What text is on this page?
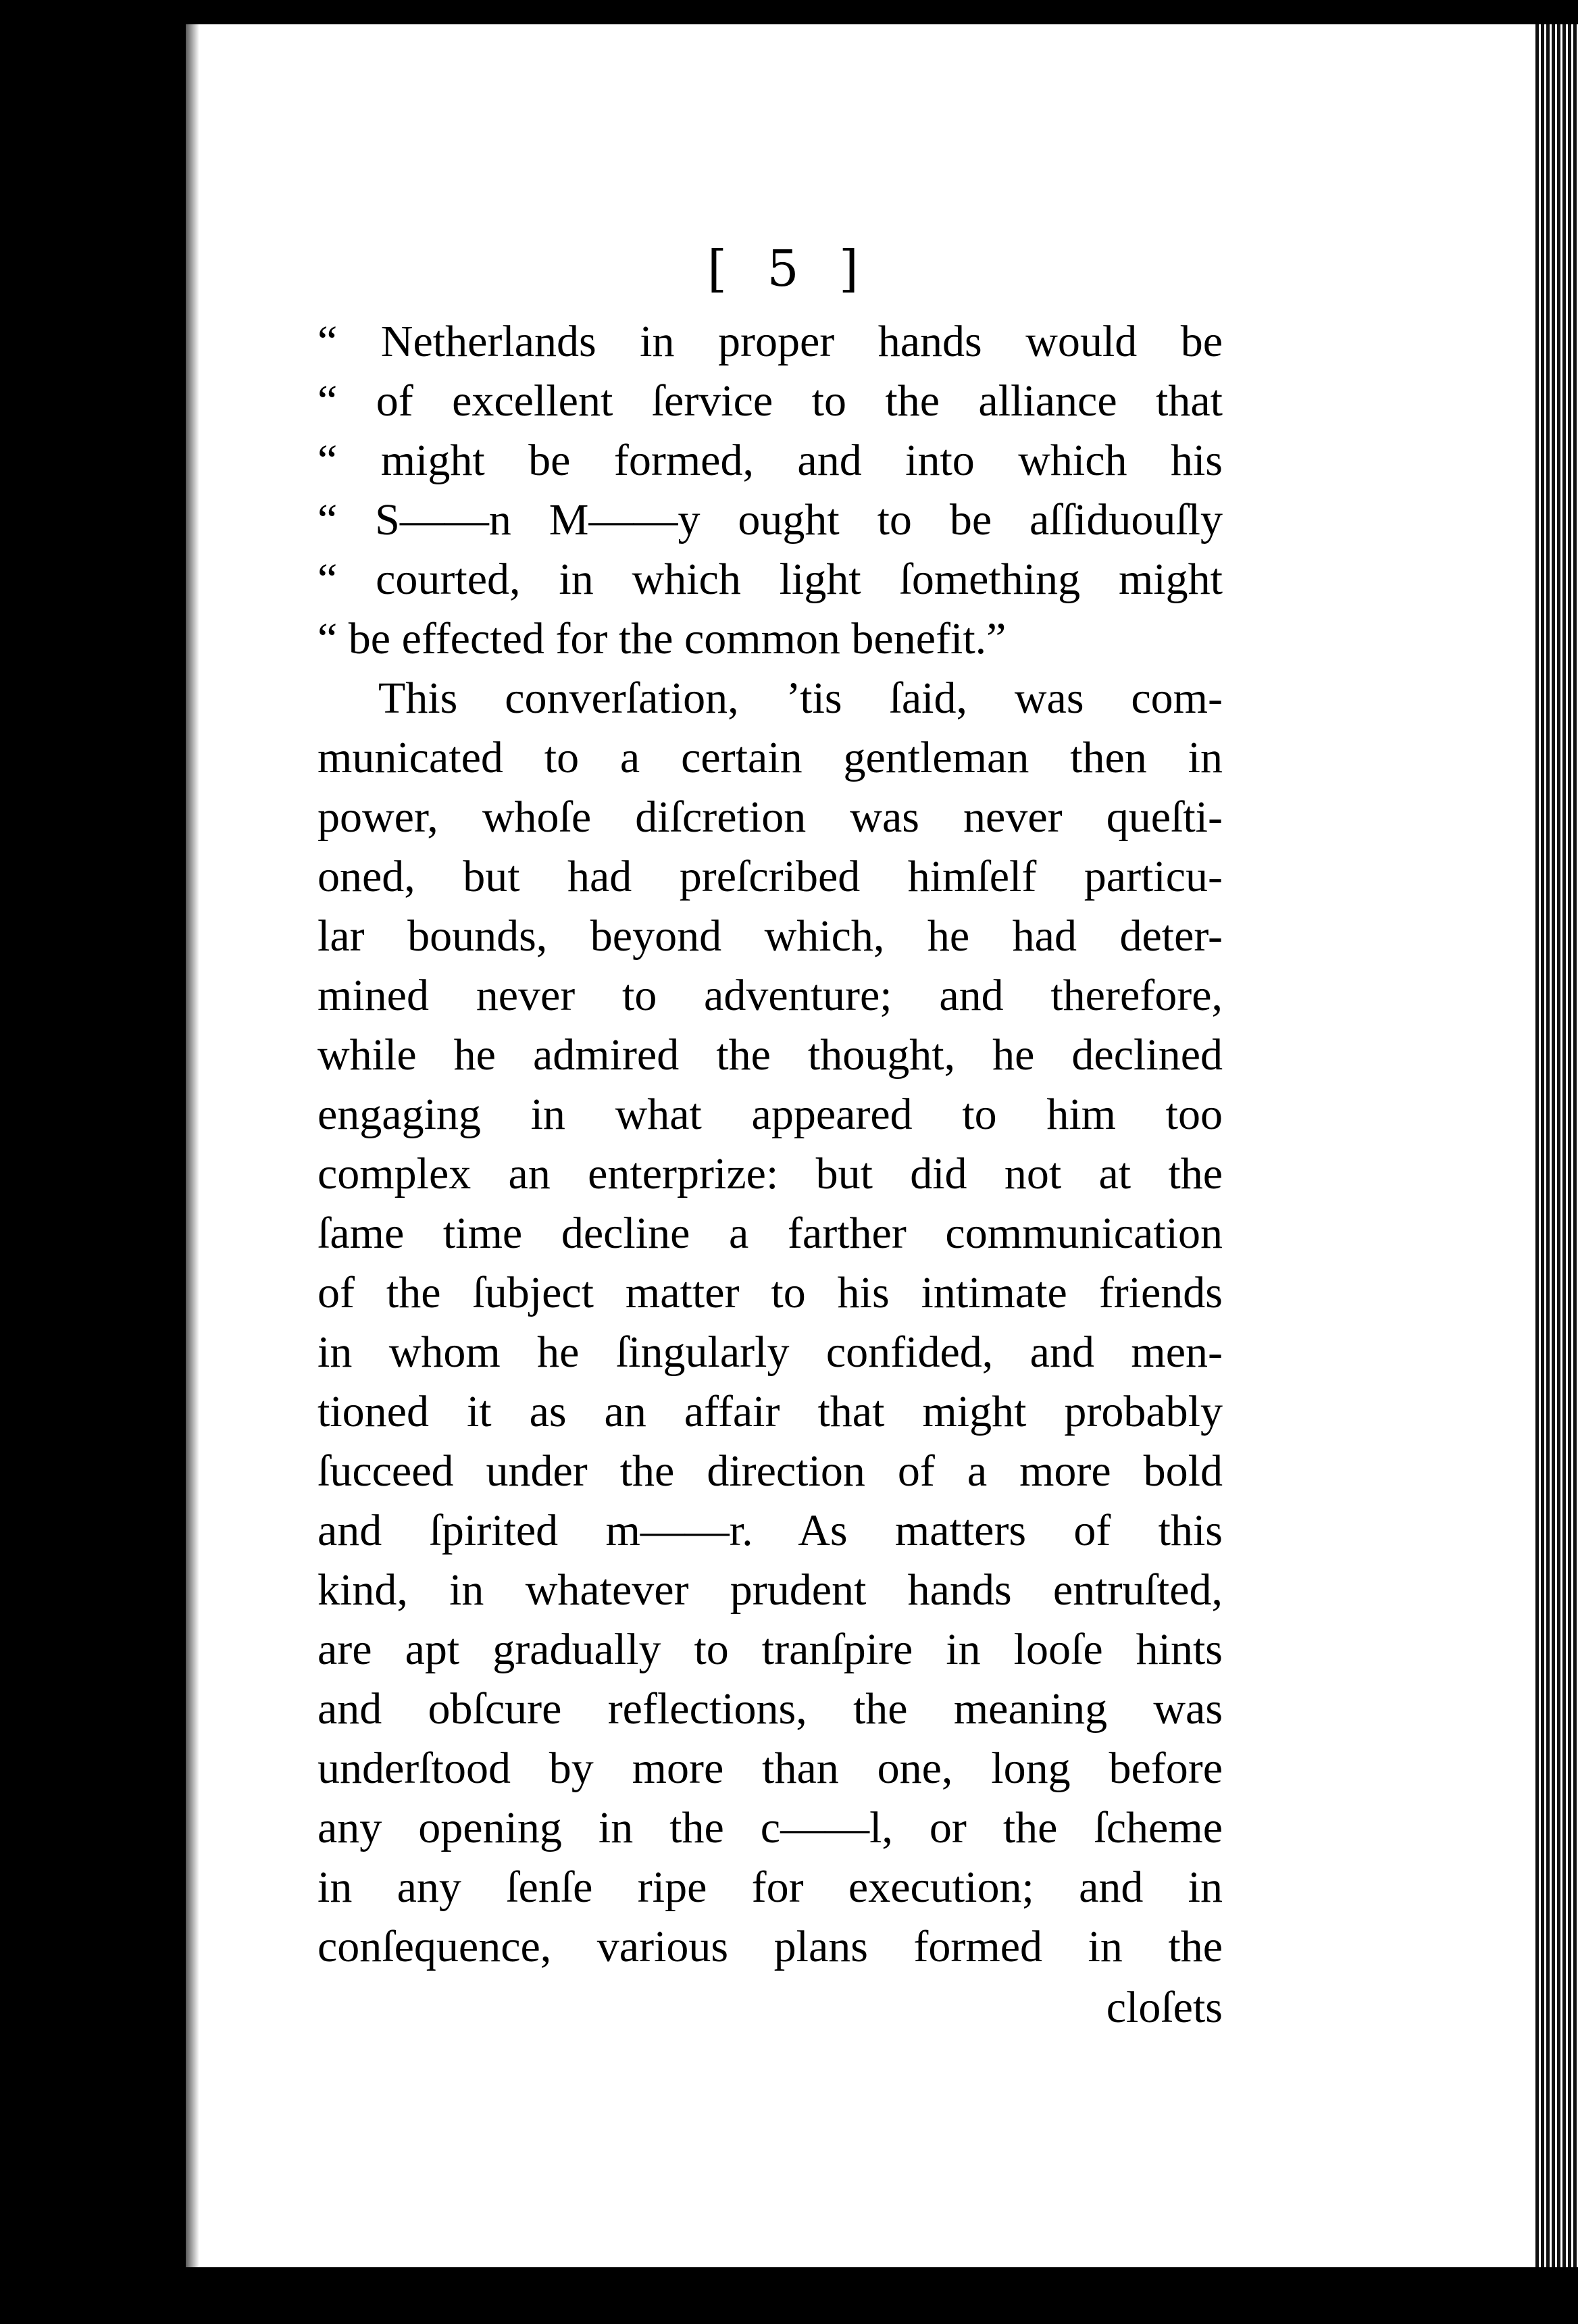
[ 5 ]
“ Netherlands in proper hands would be
“ of excellent ſervice to the alliance that
“ might be formed, and into which his
“ S——n M——y ought to be aſſiduouſly
“ courted, in which light ſomething might
“ be effected for the common benefit.”
This converſation, ’tis ſaid, was com-
municated to a certain gentleman then in
power, whoſe diſcretion was never queſti-
oned, but had preſcribed himſelf particu-
lar bounds, beyond which, he had deter-
mined never to adventure; and therefore,
while he admired the thought, he declined
engaging in what appeared to him too
complex an enterprize: but did not at the
ſame time decline a farther communication
of the ſubject matter to his intimate friends
in whom he ſingularly confided, and men-
tioned it as an affair that might probably
ſucceed under the direction of a more bold
and ſpirited m——r. As matters of this
kind, in whatever prudent hands entruſted,
are apt gradually to tranſpire in looſe hints
and obſcure reflections, the meaning was
underſtood by more than one, long before
any opening in the c——l, or the ſcheme
in any ſenſe ripe for execution; and in
conſequence, various plans formed in the
cloſets
